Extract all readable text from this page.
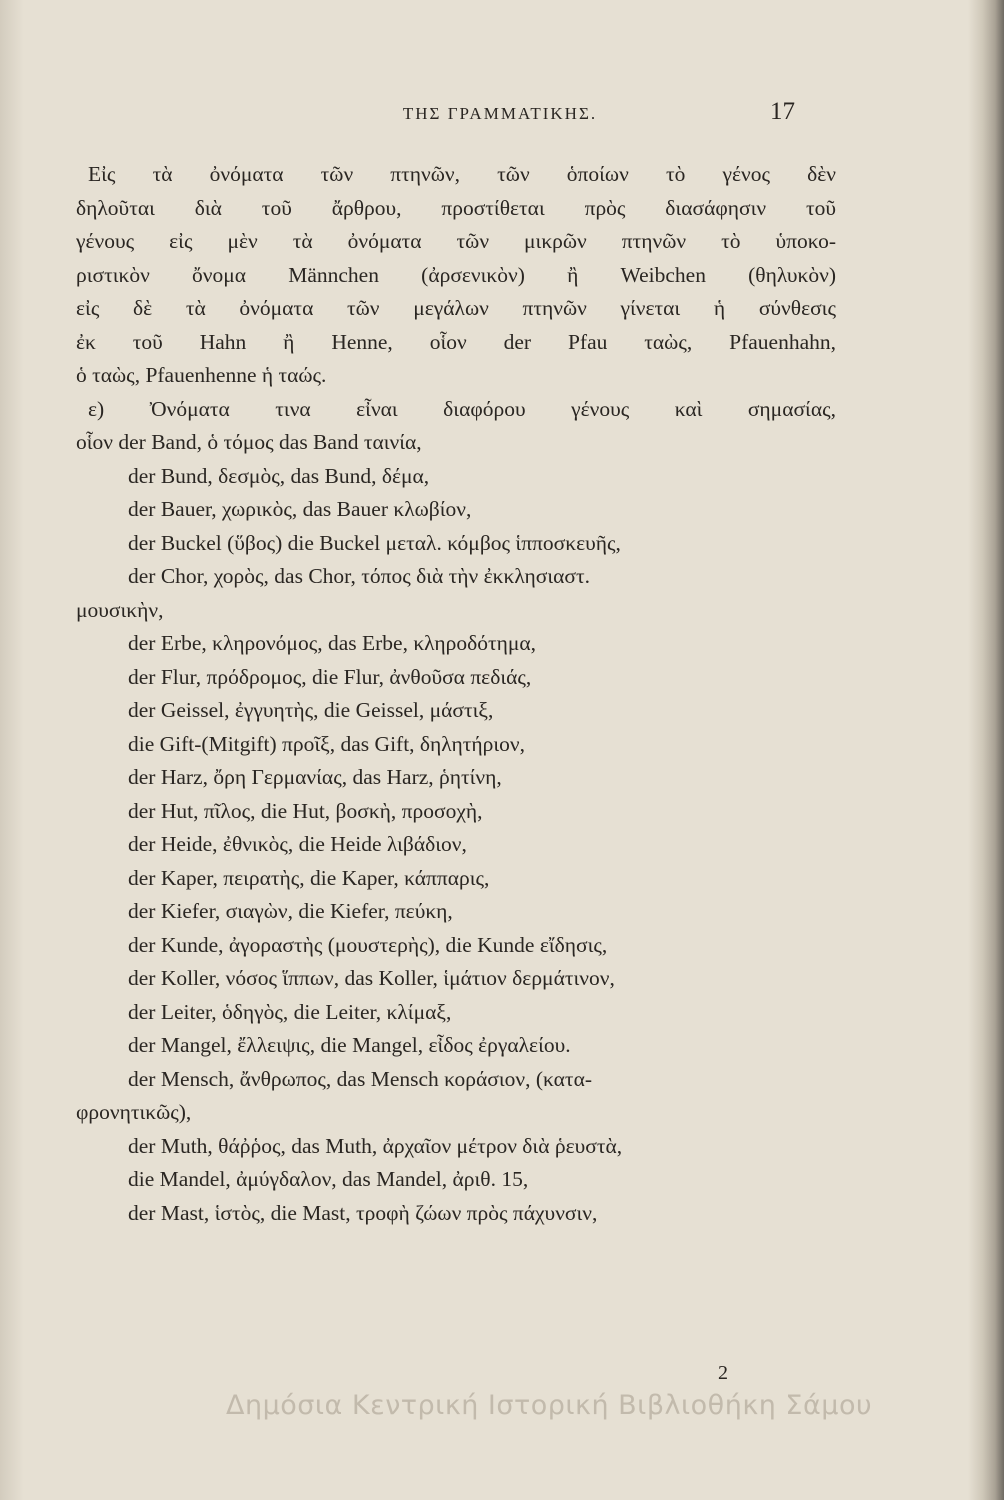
ΤΗΣ ΓΡΑΜΜΑΤΙΚΗΣ.	17
Εἰς τὰ ὀνόματα τῶν πτηνῶν, τῶν ὁποίων τὸ γένος δὲν
δηλοῦται διὰ τοῦ ἄρθρου, προστίθεται πρὸς διασάφησιν τοῦ
γένους εἰς μὲν τὰ ὀνόματα τῶν μικρῶν πτηνῶν τὸ ὑποκο-
ριστικὸν ὄνομα Männchen (ἀρσενικὸν) ἢ Weibchen (θηλυκὸν)
εἰς δὲ τὰ ὀνόματα τῶν μεγάλων πτηνῶν γίνεται ἡ σύνθεσις
ἐκ τοῦ Hahn ἢ Henne, οἷον der Pfau ταὼς, Pfauenhahn,
ὁ ταὼς, Pfauenhenne ἡ ταώς.
ε) Ὀνόματα τινα εἶναι διαφόρου γένους καὶ σημασίας,
οἷον der Band, ὁ τόμος das Band ταινία,
der Bund, δεσμὸς, das Bund, δέμα,
der Bauer, χωρικὸς, das Bauer κλωβίον,
der Buckel (ὕβος) die Buckel μεταλ. κόμβος ἱπποσκευῆς,
der Chor, χορὸς, das Chor, τόπος διὰ τὴν ἐκκλησιαστ.
μουσικὴν,
der Erbe, κληρονόμος, das Erbe, κληροδότημα,
der Flur, πρόδρομος, die Flur, ἀνθοῦσα πεδιάς,
der Geissel, ἐγγυητὴς, die Geissel, μάστιξ,
die Gift-(Mitgift) προῖξ, das Gift, δηλητήριον,
der Harz, ὄρη Γερμανίας, das Harz, ῥητίνη,
der Hut, πῖλος, die Hut, βοσκὴ, προσοχὴ,
der Heide, ἐθνικὸς, die Heide λιβάδιον,
der Kaper, πειρατὴς, die Kaper, κάππαρις,
der Kiefer, σιαγὼν, die Kiefer, πεύκη,
der Kunde, ἀγοραστὴς (μουστερὴς), die Kunde εἴδησις,
der Koller, νόσος ἵππων, das Koller, ἱμάτιον δερμάτινον,
der Leiter, ὁδηγὸς, die Leiter, κλίμαξ,
der Mangel, ἔλλειψις, die Mangel, εἶδος ἐργαλείου.
der Mensch, ἄνθρωπος, das Mensch κοράσιον, (κατα-
φρονητικῶς),
der Muth, θάῤῥος, das Muth, ἀρχαῖον μέτρον διὰ ῥευστὰ,
die Mandel, ἀμύγδαλον, das Mandel, ἀριθ. 15,
der Mast, ἱστὸς, die Mast, τροφὴ ζώων πρὸς πάχυνσιν,
2
Δημόσια Κεντρική Ιστορική Βιβλιοθήκη Σάμου
